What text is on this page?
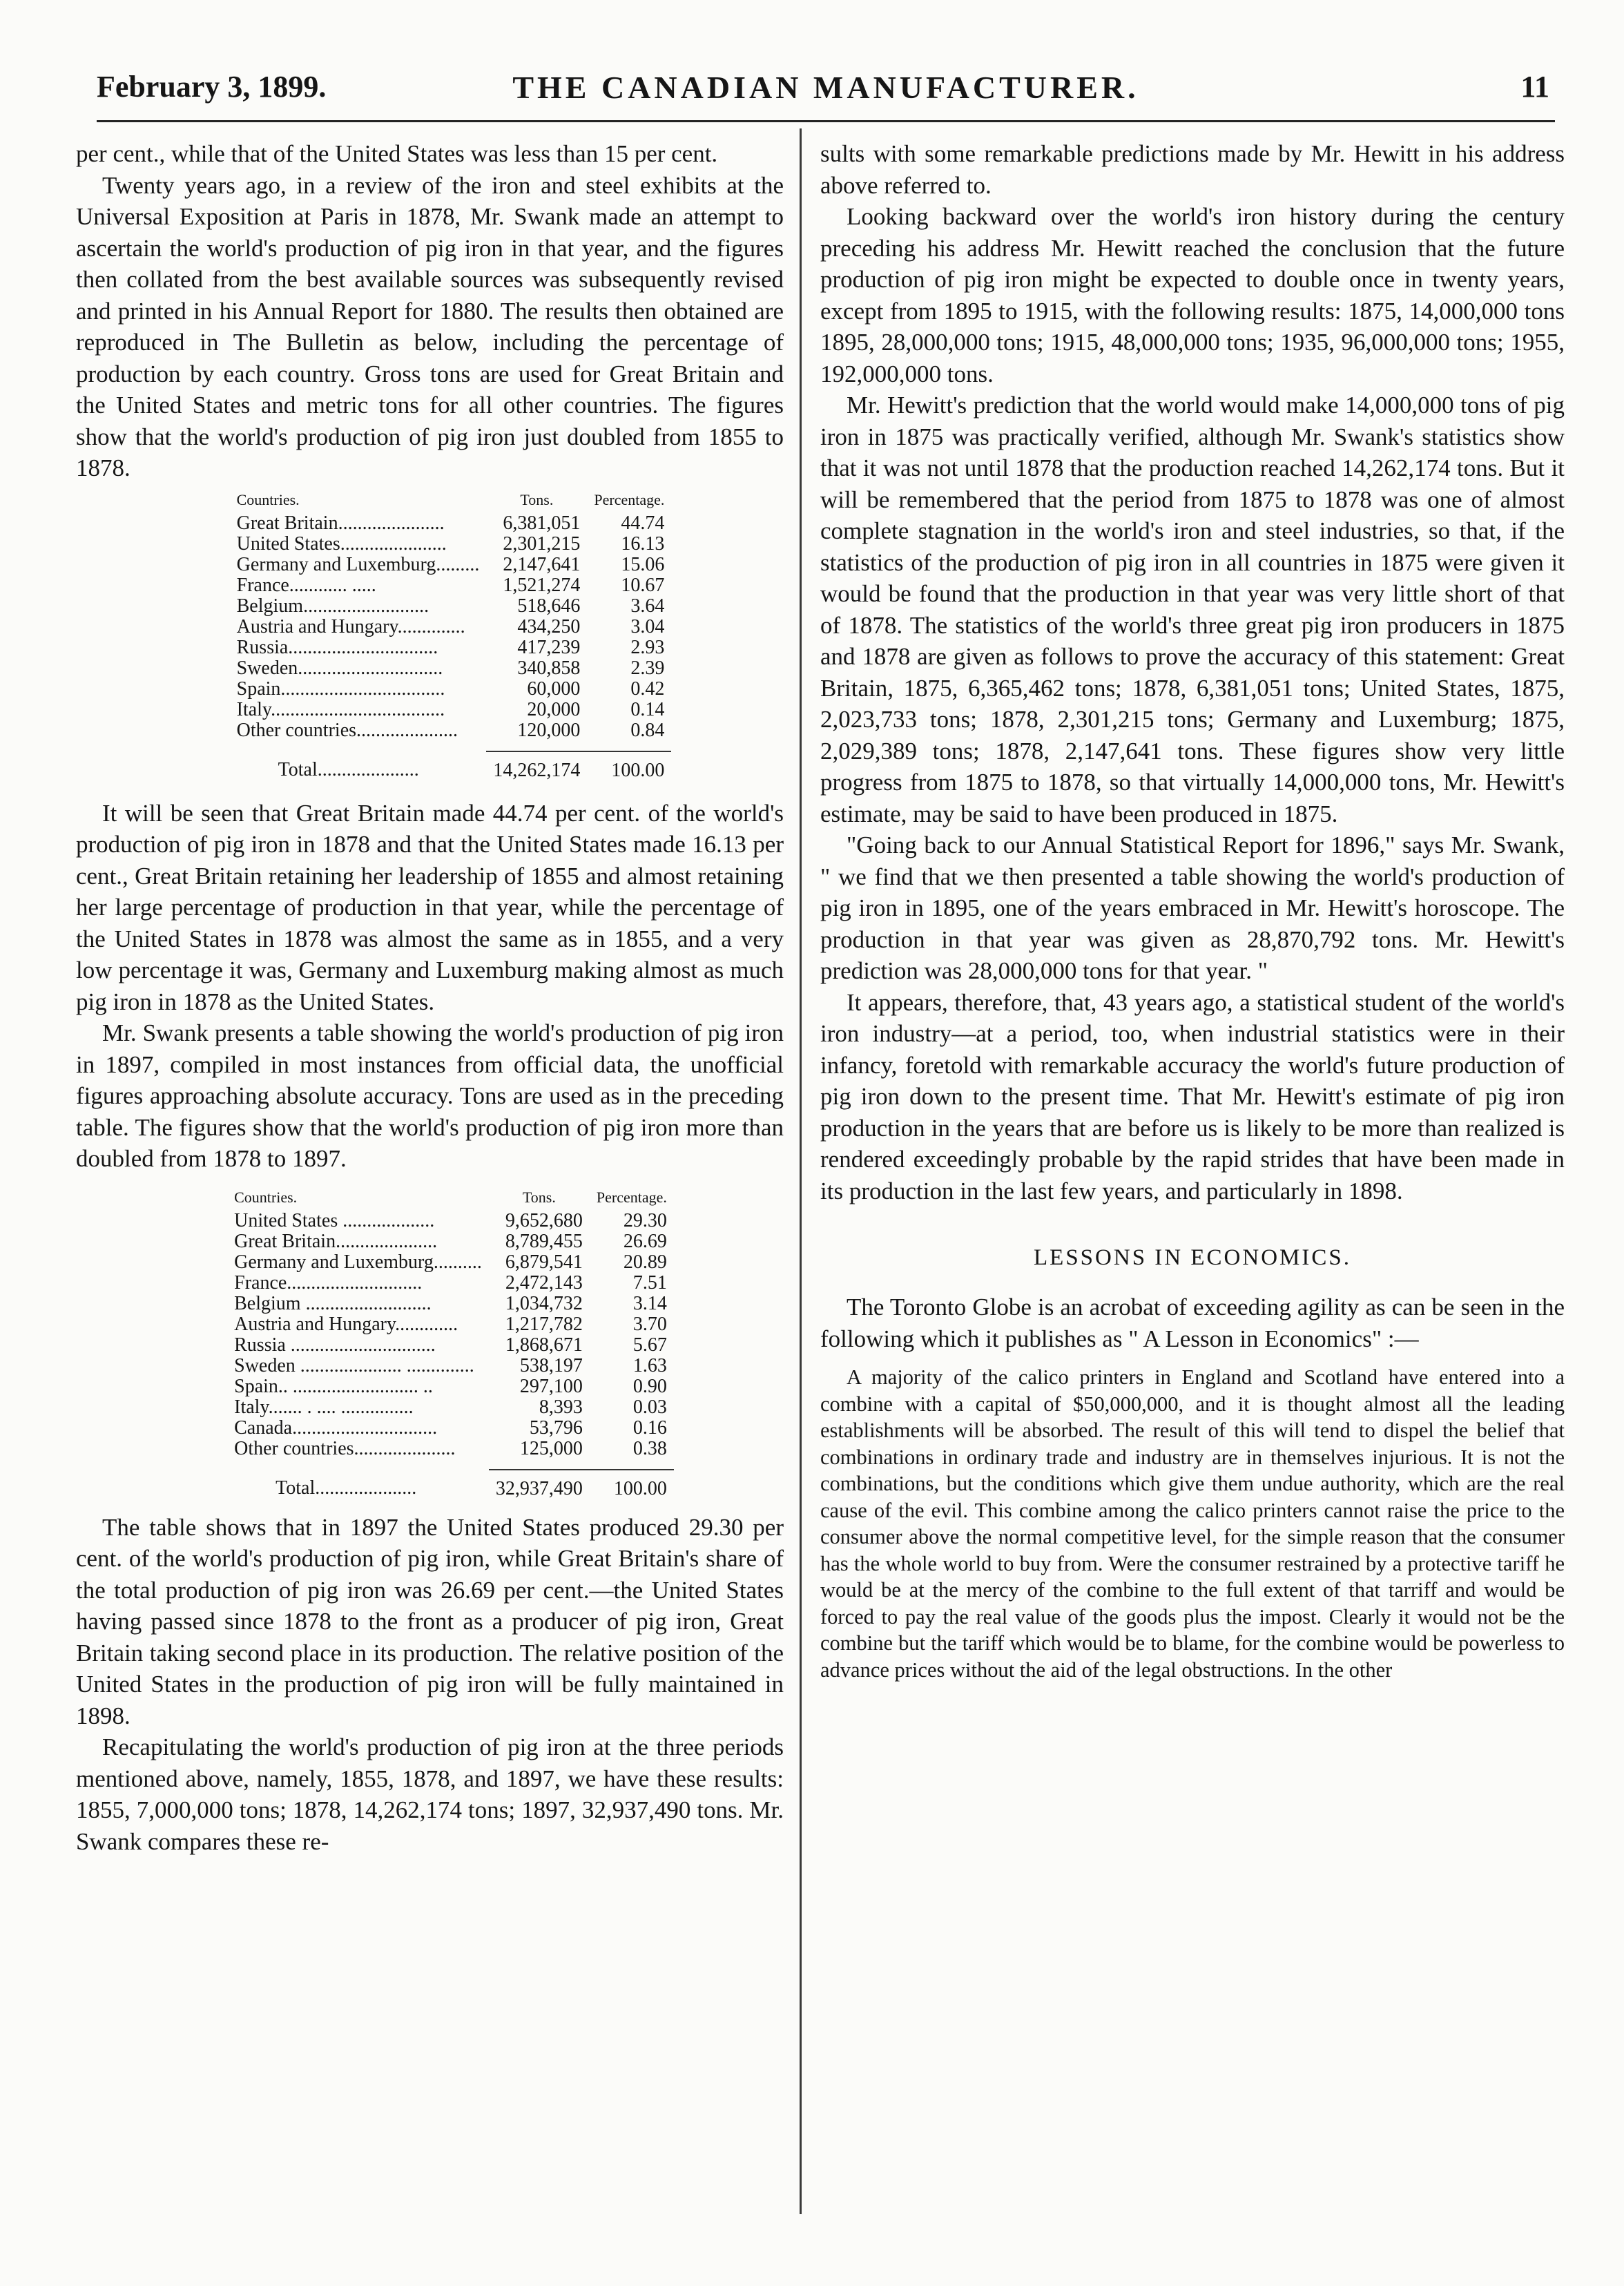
February 3, 1899.	THE CANADIAN MANUFACTURER.	11

per cent., while that of the United States was less than 15 per cent.

Twenty years ago, in a review of the iron and steel exhibits at the Universal Exposition at Paris in 1878, Mr. Swank made an attempt to ascertain the world's production of pig iron in that year, and the figures then collated from the best available sources was subsequently revised and printed in his Annual Report for 1880. The results then obtained are reproduced in The Bulletin as below, including the percentage of production by each country. Gross tons are used for Great Britain and the United States and metric tons for all other countries. The figures show that the world's production of pig iron just doubled from 1855 to 1878.

Countries.	Tons.	Percentage.
Great Britain......................	6,381,051	44.74
United States......................	2,301,215	16.13
Germany and Luxemburg.........	2,147,641	15.06
France............ .....	1,521,274	10.67
Belgium..........................	518,646	3.64
Austria and Hungary..............	434,250	3.04
Russia...............................	417,239	2.93
Sweden..............................	340,858	2.39
Spain..................................	60,000	0.42
Italy....................................	20,000	0.14
Other countries.....................	120,000	0.84

Total.....................	14,262,174	100.00

It will be seen that Great Britain made 44.74 per cent. of the world's production of pig iron in 1878 and that the United States made 16.13 per cent., Great Britain retaining her leadership of 1855 and almost retaining her large percentage of production in that year, while the percentage of the United States in 1878 was almost the same as in 1855, and a very low percentage it was, Germany and Luxemburg making almost as much pig iron in 1878 as the United States.

Mr. Swank presents a table showing the world's production of pig iron in 1897, compiled in most instances from official data, the unofficial figures approaching absolute accuracy. Tons are used as in the preceding table. The figures show that the world's production of pig iron more than doubled from 1878 to 1897.

Countries.	Tons.	Percentage.
United States ...................	9,652,680	29.30
Great Britain.....................	8,789,455	26.69
Germany and Luxemburg..........	6,879,541	20.89
France............................	2,472,143	7.51
Belgium ..........................	1,034,732	3.14
Austria and Hungary.............	1,217,782	3.70
Russia ..............................	1,868,671	5.67
Sweden ..................... ..............	538,197	1.63
Spain.. .......................... ..	297,100	0.90
Italy....... . .... ...............	8,393	0.03
Canada..............................	53,796	0.16
Other countries.....................	125,000	0.38

Total.....................	32,937,490	100.00

The table shows that in 1897 the United States produced 29.30 per cent. of the world's production of pig iron, while Great Britain's share of the total production of pig iron was 26.69 per cent.—the United States having passed since 1878 to the front as a producer of pig iron, Great Britain taking second place in its production. The relative position of the United States in the production of pig iron will be fully maintained in 1898.

Recapitulating the world's production of pig iron at the three periods mentioned above, namely, 1855, 1878, and 1897, we have these results: 1855, 7,000,000 tons; 1878, 14,262,174 tons; 1897, 32,937,490 tons. Mr. Swank compares these re-

sults with some remarkable predictions made by Mr. Hewitt in his address above referred to.

Looking backward over the world's iron history during the century preceding his address Mr. Hewitt reached the conclusion that the future production of pig iron might be expected to double once in twenty years, except from 1895 to 1915, with the following results: 1875, 14,000,000 tons 1895, 28,000,000 tons; 1915, 48,000,000 tons; 1935, 96,000,000 tons; 1955, 192,000,000 tons.

Mr. Hewitt's prediction that the world would make 14,000,000 tons of pig iron in 1875 was practically verified, although Mr. Swank's statistics show that it was not until 1878 that the production reached 14,262,174 tons. But it will be remembered that the period from 1875 to 1878 was one of almost complete stagnation in the world's iron and steel industries, so that, if the statistics of the production of pig iron in all countries in 1875 were given it would be found that the production in that year was very little short of that of 1878. The statistics of the world's three great pig iron producers in 1875 and 1878 are given as follows to prove the accuracy of this statement: Great Britain, 1875, 6,365,462 tons; 1878, 6,381,051 tons; United States, 1875, 2,023,733 tons; 1878, 2,301,215 tons; Germany and Luxemburg; 1875, 2,029,389 tons; 1878, 2,147,641 tons. These figures show very little progress from 1875 to 1878, so that virtually 14,000,000 tons, Mr. Hewitt's estimate, may be said to have been produced in 1875.

"Going back to our Annual Statistical Report for 1896," says Mr. Swank, " we find that we then presented a table showing the world's production of pig iron in 1895, one of the years embraced in Mr. Hewitt's horoscope. The production in that year was given as 28,870,792 tons. Mr. Hewitt's prediction was 28,000,000 tons for that year. "

It appears, therefore, that, 43 years ago, a statistical student of the world's iron industry—at a period, too, when industrial statistics were in their infancy, foretold with remarkable accuracy the world's future production of pig iron down to the present time. That Mr. Hewitt's estimate of pig iron production in the years that are before us is likely to be more than realized is rendered exceedingly probable by the rapid strides that have been made in its production in the last few years, and particularly in 1898.

LESSONS IN ECONOMICS.

The Toronto Globe is an acrobat of exceeding agility as can be seen in the following which it publishes as " A Lesson in Economics" :—

A majority of the calico printers in England and Scotland have entered into a combine with a capital of $50,000,000, and it is thought almost all the leading establishments will be absorbed. The result of this will tend to dispel the belief that combinations in ordinary trade and industry are in themselves injurious. It is not the combinations, but the conditions which give them undue authority, which are the real cause of the evil. This combine among the calico printers cannot raise the price to the consumer above the normal competitive level, for the simple reason that the consumer has the whole world to buy from. Were the consumer restrained by a protective tariff he would be at the mercy of the combine to the full extent of that tarriff and would be forced to pay the real value of the goods plus the impost. Clearly it would not be the combine but the tariff which would be to blame, for the combine would be powerless to advance prices without the aid of the legal obstructions. In the other
